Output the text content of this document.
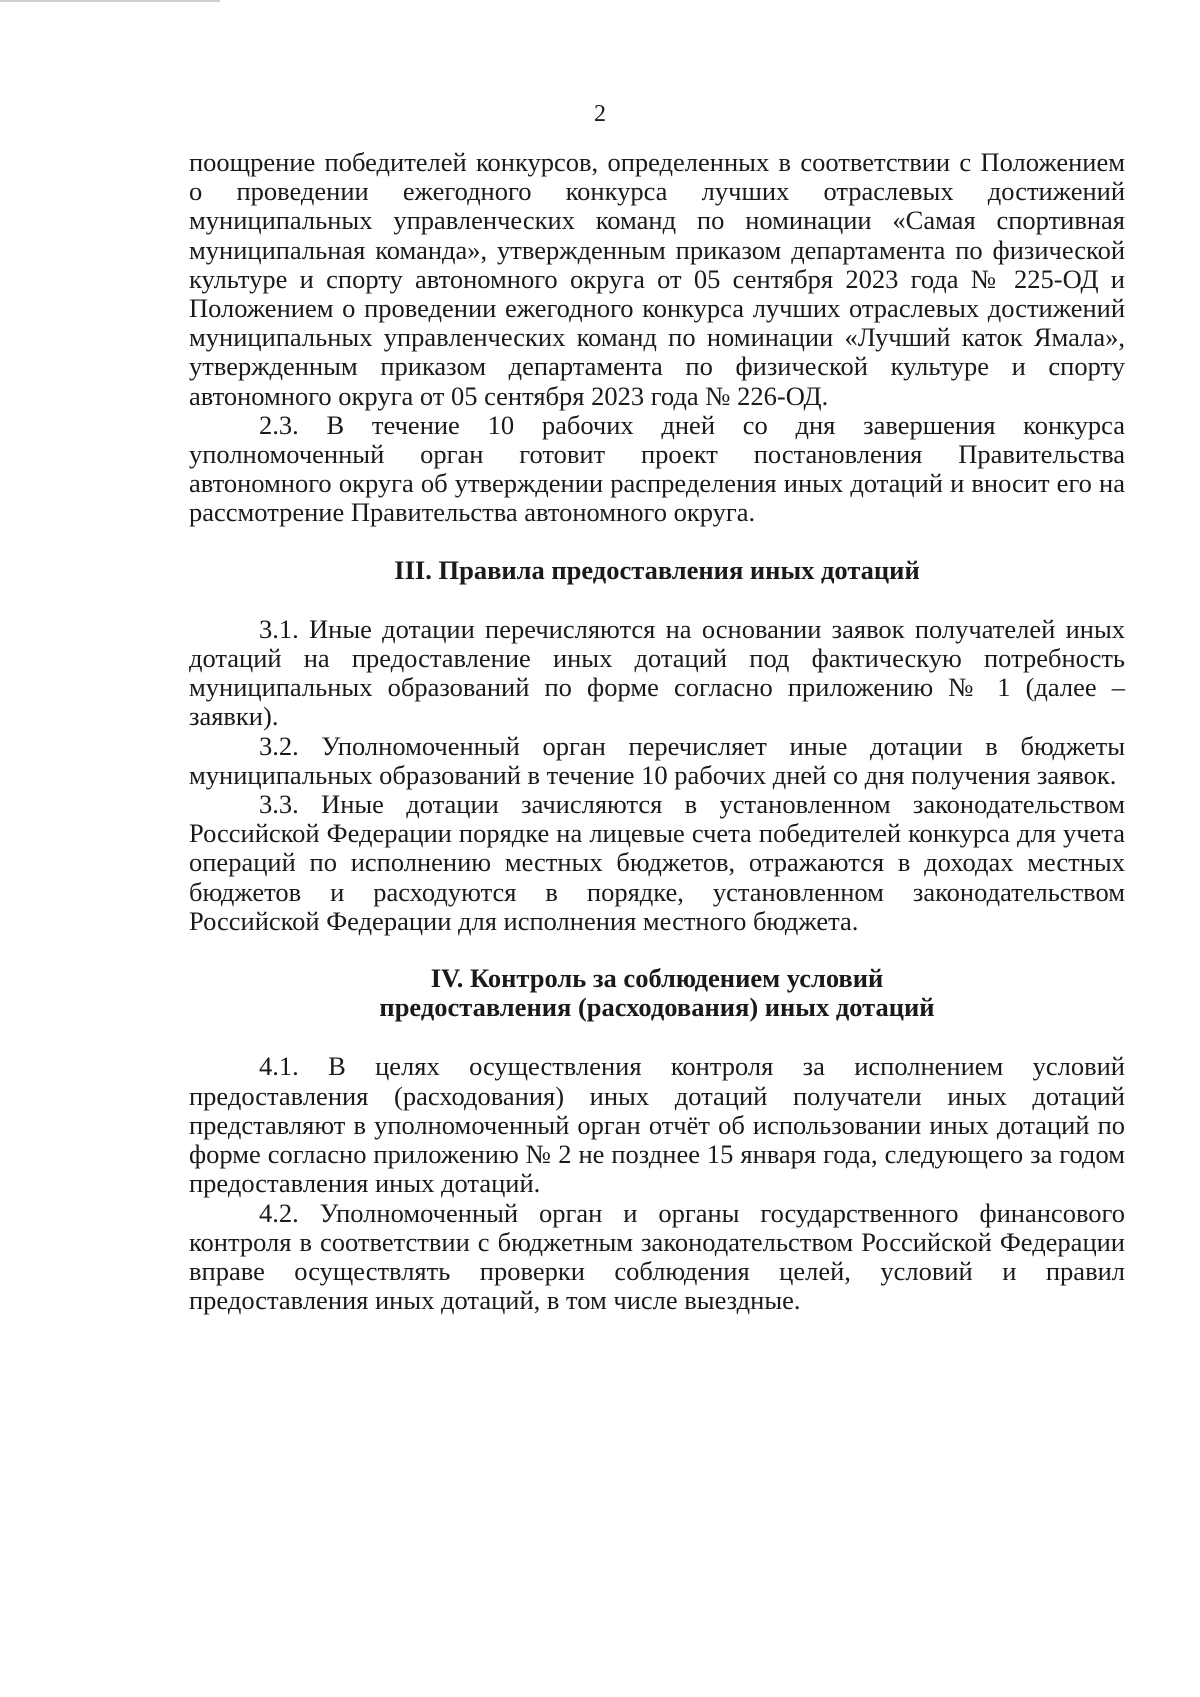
2

поощрение победителей конкурсов, определенных в соответствии с Положением о проведении ежегодного конкурса лучших отраслевых достижений муниципальных управленческих команд по номинации «Самая спортивная муниципальная команда», утвержденным приказом департамента по физической культуре и спорту автономного округа от 05 сентября 2023 года № 225-ОД и Положением о проведении ежегодного конкурса лучших отраслевых достижений муниципальных управленческих команд по номинации «Лучший каток Ямала», утвержденным приказом департамента по физической культуре и спорту автономного округа от 05 сентября 2023 года № 226-ОД.

2.3. В течение 10 рабочих дней со дня завершения конкурса уполномоченный орган готовит проект постановления Правительства автономного округа об утверждении распределения иных дотаций и вносит его на рассмотрение Правительства автономного округа.

III. Правила предоставления иных дотаций

3.1. Иные дотации перечисляются на основании заявок получателей иных дотаций на предоставление иных дотаций под фактическую потребность муниципальных образований по форме согласно приложению № 1 (далее – заявки).

3.2. Уполномоченный орган перечисляет иные дотации в бюджеты муниципальных образований в течение 10 рабочих дней со дня получения заявок.

3.3. Иные дотации зачисляются в установленном законодательством Российской Федерации порядке на лицевые счета победителей конкурса для учета операций по исполнению местных бюджетов, отражаются в доходах местных бюджетов и расходуются в порядке, установленном законодательством Российской Федерации для исполнения местного бюджета.

IV. Контроль за соблюдением условий

предоставления (расходования) иных дотаций

4.1. В целях осуществления контроля за исполнением условий предоставления (расходования) иных дотаций получатели иных дотаций представляют в уполномоченный орган отчёт об использовании иных дотаций по форме согласно приложению № 2 не позднее 15 января года, следующего за годом предоставления иных дотаций.

4.2. Уполномоченный орган и органы государственного финансового контроля в соответствии с бюджетным законодательством Российской Федерации вправе осуществлять проверки соблюдения целей, условий и правил предоставления иных дотаций, в том числе выездные.
